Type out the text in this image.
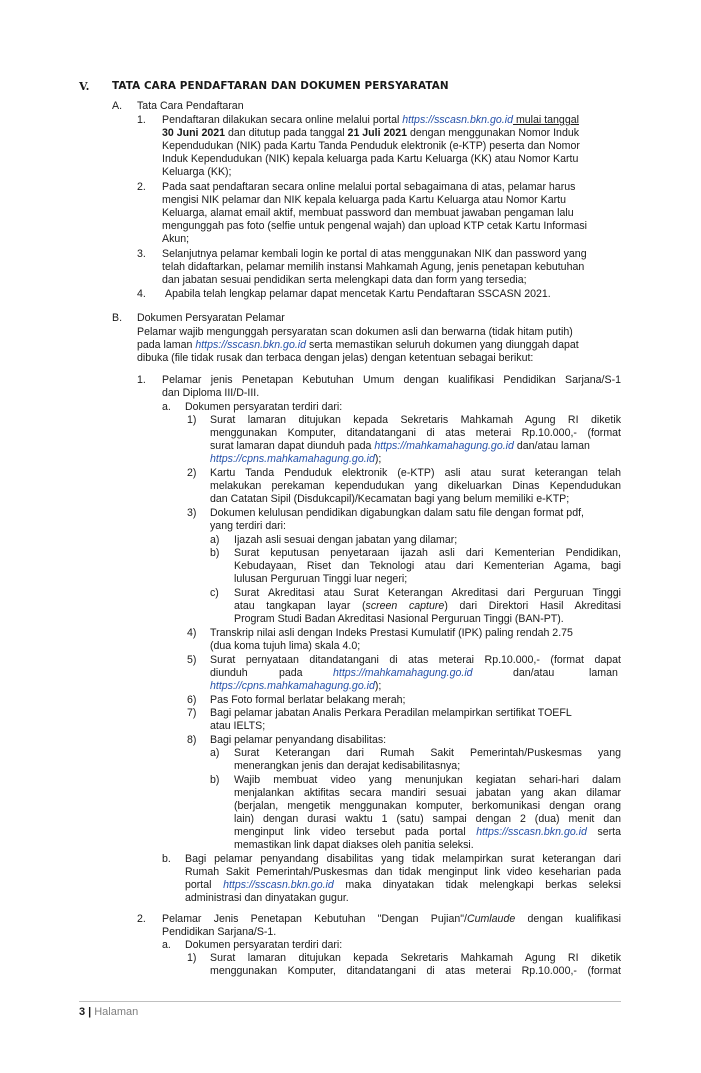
V. TATA CARA PENDAFTARAN DAN DOKUMEN PERSYARATAN
A. Tata Cara Pendaftaran
1. Pendaftaran dilakukan secara online melalui portal https://sscasn.bkn.go.id mulai tanggal
30 Juni 2021 dan ditutup pada tanggal 21 Juli 2021 dengan menggunakan Nomor Induk
Kependudukan (NIK) pada Kartu Tanda Penduduk elektronik (e-KTP) peserta dan Nomor
Induk Kependudukan (NIK) kepala keluarga pada Kartu Keluarga (KK) atau Nomor Kartu
Keluarga (KK);
2. Pada saat pendaftaran secara online melalui portal sebagaimana di atas, pelamar harus
mengisi NIK pelamar dan NIK kepala keluarga pada Kartu Keluarga atau Nomor Kartu
Keluarga, alamat email aktif, membuat password dan membuat jawaban pengaman lalu
mengunggah pas foto (selfie untuk pengenal wajah) dan upload KTP cetak Kartu Informasi
Akun;
3. Selanjutnya pelamar kembali login ke portal di atas menggunakan NIK dan password yang
telah didaftarkan, pelamar memilih instansi Mahkamah Agung, jenis penetapan kebutuhan
dan jabatan sesuai pendidikan serta melengkapi data dan form yang tersedia;
4. Apabila telah lengkap pelamar dapat mencetak Kartu Pendaftaran SSCASN 2021.
B. Dokumen Persyaratan Pelamar
Pelamar wajib mengunggah persyaratan scan dokumen asli dan berwarna (tidak hitam putih)
pada laman https://sscasn.bkn.go.id serta memastikan seluruh dokumen yang diunggah dapat
dibuka (file tidak rusak dan terbaca dengan jelas) dengan ketentuan sebagai berikut:
1. Pelamar jenis Penetapan Kebutuhan Umum dengan kualifikasi Pendidikan Sarjana/S-1
dan Diploma III/D-III.
a. Dokumen persyaratan terdiri dari:
1) Surat lamaran ditujukan kepada Sekretaris Mahkamah Agung RI diketik
menggunakan Komputer, ditandatangani di atas meterai Rp.10.000,- (format
surat lamaran dapat diunduh pada https://mahkamahagung.go.id dan/atau laman
https://cpns.mahkamahagung.go.id);
2) Kartu Tanda Penduduk elektronik (e-KTP) asli atau surat keterangan telah
melakukan perekaman kependudukan yang dikeluarkan Dinas Kependudukan
dan Catatan Sipil (Disdukcapil)/Kecamatan bagi yang belum memiliki e-KTP;
3) Dokumen kelulusan pendidikan digabungkan dalam satu file dengan format pdf,
yang terdiri dari:
a) Ijazah asli sesuai dengan jabatan yang dilamar;
b) Surat keputusan penyetaraan ijazah asli dari Kementerian Pendidikan,
Kebudayaan, Riset dan Teknologi atau dari Kementerian Agama, bagi
lulusan Perguruan Tinggi luar negeri;
c) Surat Akreditasi atau Surat Keterangan Akreditasi dari Perguruan Tinggi
atau tangkapan layar (screen capture) dari Direktori Hasil Akreditasi
Program Studi Badan Akreditasi Nasional Perguruan Tinggi (BAN-PT).
4) Transkrip nilai asli dengan Indeks Prestasi Kumulatif (IPK) paling rendah 2.75
(dua koma tujuh lima) skala 4.0;
5) Surat pernyataan ditandatangani di atas meterai Rp.10.000,- (format dapat
diunduh	pada	https://mahkamahagung.go.id	dan/atau	laman
https://cpns.mahkamahagung.go.id);
6) Pas Foto formal berlatar belakang merah;
7) Bagi pelamar jabatan Analis Perkara Peradilan melampirkan sertifikat TOEFL
atau IELTS;
8) Bagi pelamar penyandang disabilitas:
a) Surat Keterangan dari Rumah Sakit Pemerintah/Puskesmas yang
menerangkan jenis dan derajat kedisabilitasnya;
b) Wajib membuat video yang menunjukan kegiatan sehari-hari dalam
menjalankan aktifitas secara mandiri sesuai jabatan yang akan dilamar
(berjalan, mengetik menggunakan komputer, berkomunikasi dengan orang
lain) dengan durasi waktu 1 (satu) sampai dengan 2 (dua) menit dan
menginput link video tersebut pada portal https://sscasn.bkn.go.id serta
memastikan link dapat diakses oleh panitia seleksi.
b. Bagi pelamar penyandang disabilitas yang tidak melampirkan surat keterangan dari
Rumah Sakit Pemerintah/Puskesmas dan tidak menginput link video keseharian pada
portal https://sscasn.bkn.go.id maka dinyatakan tidak melengkapi berkas seleksi
administrasi dan dinyatakan gugur.
2. Pelamar Jenis Penetapan Kebutuhan "Dengan Pujian"/Cumlaude dengan kualifikasi
Pendidikan Sarjana/S-1.
a. Dokumen persyaratan terdiri dari:
1) Surat lamaran ditujukan kepada Sekretaris Mahkamah Agung RI diketik
menggunakan Komputer, ditandatangani di atas meterai Rp.10.000,- (format
3 | Halaman
